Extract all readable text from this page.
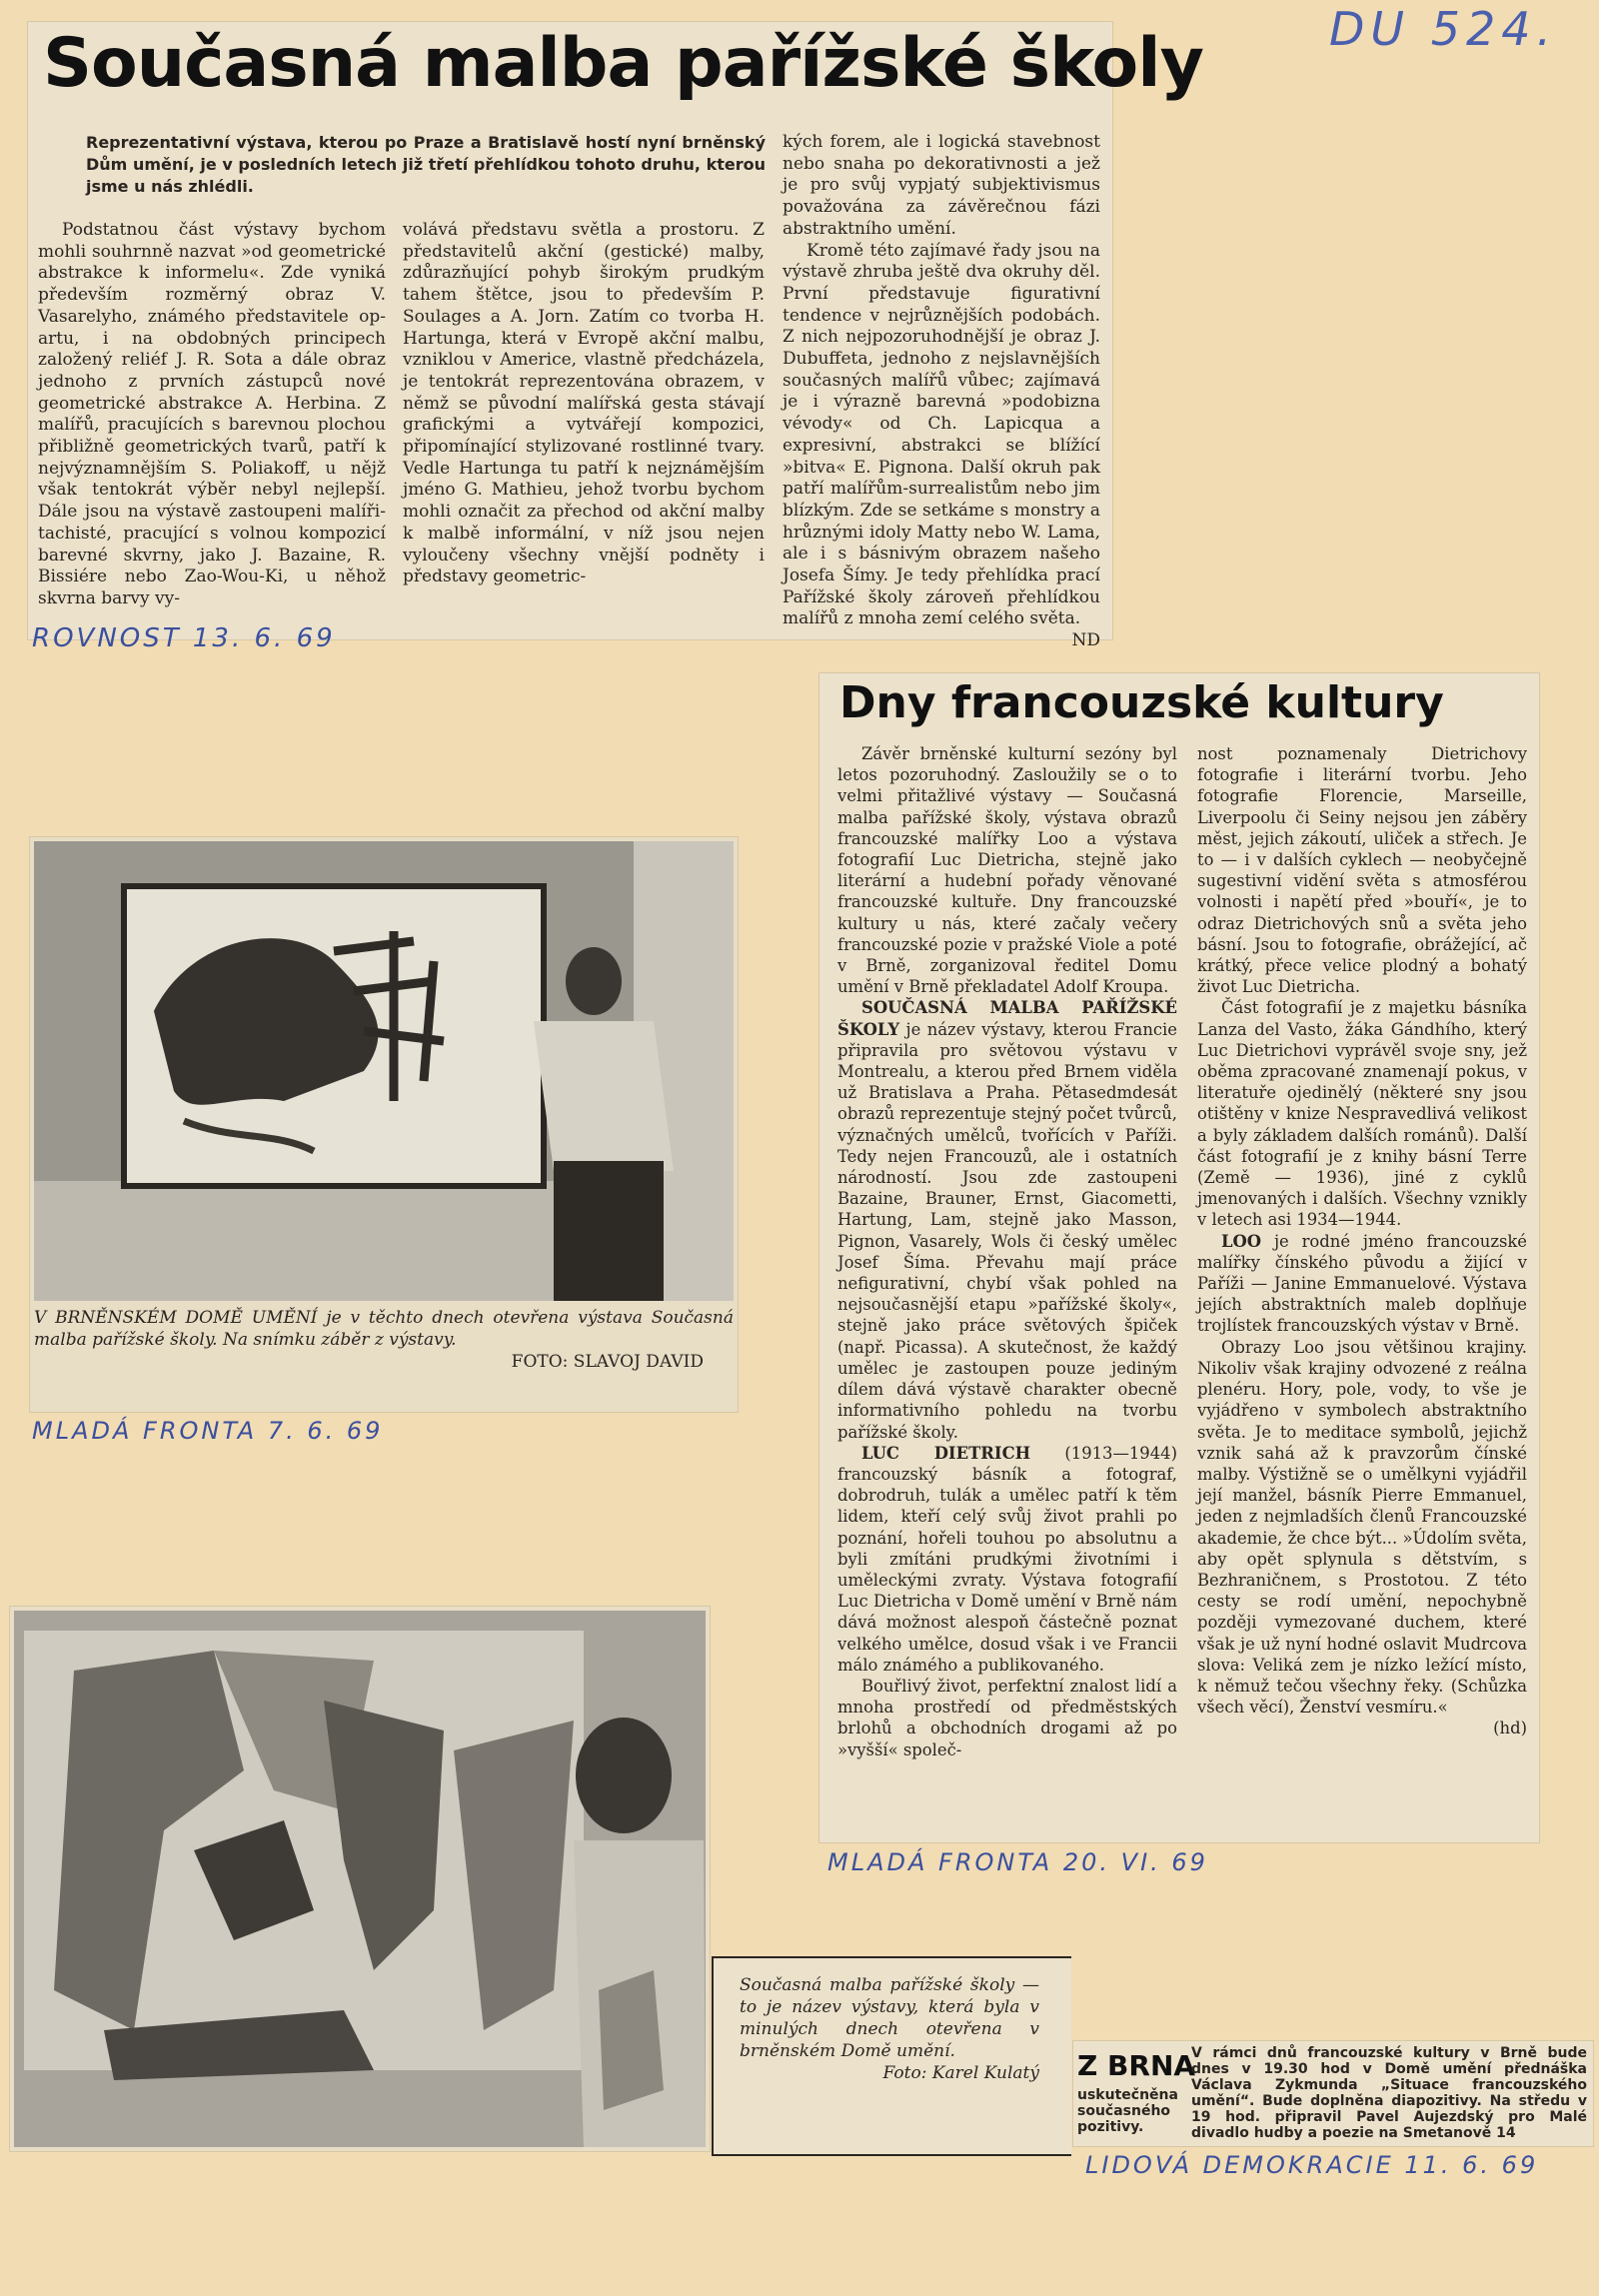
DU 524.
Současná malba pařížské školy
Reprezentativní výstava, kterou po Praze a Bratislavě hostí nyní brněnský Dům umění, je v posledních letech již třetí přehlídkou tohoto druhu, kterou jsme u nás zhlédli.

Podstatnou část výstavy bychom mohli souhrnně nazvat »od geometrické abstrakce k informelu«. Zde vyniká především rozměrný obraz V. Vasarelyho, známého představitele op-artu, i na obdobných principech založený reliéf J. R. Sota a dále obraz jednoho z prvních zástupců nové geometrické abstrakce A. Herbina. Z malířů, pracujících s barevnou plochou přibližně geometrických tvarů, patří k nejvýznamnějším S. Poliakoff, u nějž však tentokrát výběr nebyl nejlepší. Dále jsou na výstavě zastoupeni malíři-tachisté, pracující s volnou kompozicí barevné skvrny, jako J. Bazaine, R. Bissiére nebo Zao-Wou-Ki, u něhož skvrna barvy vy-

volává představu světla a prostoru. Z představitelů akční (gestické) malby, zdůrazňující pohyb širokým prudkým tahem štětce, jsou to především P. Soulages a A. Jorn. Zatím co tvorba H. Hartunga, která v Evropě akční malbu, vzniklou v Americe, vlastně předcházela, je tentokrát reprezentována obrazem, v němž se původní malířská gesta stávají grafickými a vytvářejí kompozici, připomínající stylizované rostlinné tvary. Vedle Hartunga tu patří k nejznámějším jméno G. Mathieu, jehož tvorbu bychom mohli označit za přechod od akční malby k malbě informální, v níž jsou nejen vyloučeny všechny vnější podněty i představy geometric-

kých forem, ale i logická stavebnost nebo snaha po dekorativnosti a jež je pro svůj vypjatý subjektivismus považována za závěrečnou fázi abstraktního umění.

Kromě této zajímavé řady jsou na výstavě zhruba ještě dva okruhy děl. První představuje figurativní tendence v nejrůznějších podobách. Z nich nejpozoruhodnější je obraz J. Dubuffeta, jednoho z nejslavnějších současných malířů vůbec; zajímavá je i výrazně barevná »podobizna vévody« od Ch. Lapicqua a expresivní, abstrakci se blížící »bitva« E. Pignona. Další okruh pak patří malířům-surrealistům nebo jim blízkým. Zde se setkáme s monstry a hrůznými idoly Matty nebo W. Lama, ale i s básnivým obrazem našeho Josefa Šímy. Je tedy přehlídka prací Pařížské školy zároveň přehlídkou malířů z mnoha zemí celého světa.

ND

ROVNOST 13. 6. 69
V BRNĚNSKÉM DOMĚ UMĚNÍ je v těchto dnech otevřena výstava Současná malba pařížské školy. Na snímku záběr z výstavy.
FOTO: SLAVOJ DAVID
MLADÁ FRONTA 7. 6. 69
Dny francouzské kultury

Závěr brněnské kulturní sezóny byl letos pozoruhodný. Zasloužily se o to velmi přitažlivé výstavy — Současná malba pařížské školy, výstava obrazů francouzské malířky Loo a výstava fotografií Luc Dietricha, stejně jako literární a hudební pořady věnované francouzské kultuře. Dny francouzské kultury u nás, které začaly večery francouzské pozie v pražské Viole a poté v Brně, zorganizoval ředitel Domu umění v Brně překladatel Adolf Kroupa.

SOUČASNÁ MALBA PAŘÍŽSKÉ ŠKOLY je název výstavy, kterou Francie připravila pro světovou výstavu v Montrealu, a kterou před Brnem viděla už Bratislava a Praha. Pětasedmdesát obrazů reprezentuje stejný počet tvůrců, význačných umělců, tvořících v Paříži. Tedy nejen Francouzů, ale i ostatních národností. Jsou zde zastoupeni Bazaine, Brauner, Ernst, Giacometti, Hartung, Lam, stejně jako Masson, Pignon, Vasarely, Wols či český umělec Josef Šíma. Převahu mají práce nefigurativní, chybí však pohled na nejsoučasnější etapu »pařížské školy«, stejně jako práce světových špiček (např. Picassa). A skutečnost, že každý umělec je zastoupen pouze jediným dílem dává výstavě charakter obecně informativního pohledu na tvorbu pařížské školy.

LUC DIETRICH (1913—1944) francouzský básník a fotograf, dobrodruh, tulák a umělec patří k těm lidem, kteří celý svůj život prahli po poznání, hořeli touhou po absolutnu a byli zmítáni prudkými životními i uměleckými zvraty. Výstava fotografií Luc Dietricha v Domě umění v Brně nám dává možnost alespoň částečně poznat velkého umělce, dosud však i ve Francii málo známého a publikovaného.

Bouřlivý život, perfektní znalost lidí a mnoha prostředí od předměstských brlohů a obchodních drogami až po »vyšší« společ-

nost poznamenaly Dietrichovy fotografie i literární tvorbu. Jeho fotografie Florencie, Marseille, Liverpoolu či Seiny nejsou jen záběry měst, jejich zákoutí, uliček a střech. Je to — i v dalších cyklech — neobyčejně sugestivní vidění světa s atmosférou volnosti i napětí před »bouří«, je to odraz Dietrichových snů a světa jeho básní. Jsou to fotografie, obrážející, ač krátký, přece velice plodný a bohatý život Luc Dietricha.

Část fotografií je z majetku básníka Lanza del Vasto, žáka Gándhího, který Luc Dietrichovi vyprávěl svoje sny, jež oběma zpracované znamenají pokus, v literatuře ojedinělý (některé sny jsou otištěny v knize Nespravedlivá velikost a byly základem dalších románů). Další část fotografií je z knihy básní Terre (Země — 1936), jiné z cyklů jmenovaných i dalších. Všechny vznikly v letech asi 1934—1944.

LOO je rodné jméno francouzské malířky čínského původu a žijící v Paříži — Janine Emmanuelové. Výstava jejích abstraktních maleb doplňuje trojlístek francouzských výstav v Brně.

Obrazy Loo jsou většinou krajiny. Nikoliv však krajiny odvozené z reálna plenéru. Hory, pole, vody, to vše je vyjádřeno v symbolech abstraktního světa. Je to meditace symbolů, jejichž vznik sahá až k pravzorům čínské malby. Výstižně se o umělkyni vyjádřil její manžel, básník Pierre Emmanuel, jeden z nejmladších členů Francouzské akademie, že chce být... »Údolím světa, aby opět splynula s dětstvím, s Bezhraničnem, s Prostotou. Z této cesty se rodí umění, nepochybně později vymezované duchem, které však je už nyní hodné oslavit Mudrcova slova: Veliká zem je nízko ležící místo, k němuž tečou všechny řeky. (Schůzka všech věcí), Ženství vesmíru.«

(hd)

MLADÁ FRONTA 20. VI. 69
Současná malba pařížské školy — to je název výstavy, která byla v minulých dnech otevřena v brněnském Domě umění.
Foto: Karel Kulatý Z BRNA
uskutečněna současného pozitivy.
V rámci dnů francouzské kultury v Brně bude dnes v 19.30 hod v Domě umění přednáška Václava Zykmunda „Situace francouzského umění“. Bude doplněna diapozitivy. Na středu v 19 hod. připravil Pavel Aujezdský pro Malé divadlo hudby a poezie na Smetanově 14
LIDOVÁ DEMOKRACIE 11. 6. 69
